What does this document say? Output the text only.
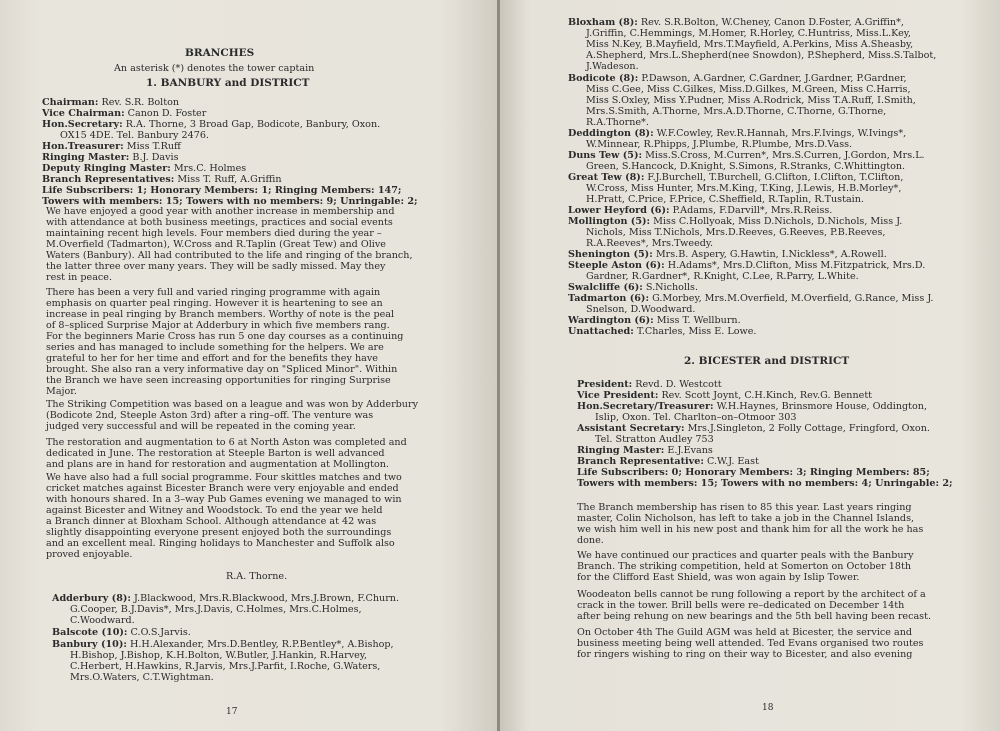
BRANCHES
An asterisk (*) denotes the tower captain
1. BANBURY and DISTRICT
Chairman: Rev. S.R. Bolton
Vice Chairman: Canon D. Foster
Hon.Secretary: R.A. Thorne, 3 Broad Gap, Bodicote, Banbury, Oxon.
OX15 4DE. Tel. Banbury 2476.
Hon.Treasurer: Miss T.Ruff
Ringing Master: B.J. Davis
Deputy Ringing Master: Mrs.C. Holmes
Branch Representatives: Miss T. Ruff, A.Griffin
Life Subscribers: 1; Honorary Members: 1; Ringing Members: 147;
Towers with members: 15; Towers with no members: 9; Unringable: 2;
We have enjoyed a good year with another increase in membership and
with attendance at both business meetings, practices and social events
maintaining recent high levels. Four members died during the year –
M.Overfield (Tadmarton), W.Cross and R.Taplin (Great Tew) and Olive
Waters (Banbury). All had contributed to the life and ringing of the branch,
the latter three over many years. They will be sadly missed. May they
rest in peace.
There has been a very full and varied ringing programme with again
emphasis on quarter peal ringing. However it is heartening to see an
increase in peal ringing by Branch members. Worthy of note is the peal
of 8–spliced Surprise Major at Adderbury in which five members rang.
For the beginners Marie Cross has run 5 one day courses as a continuing
series and has managed to include something for the helpers. We are
grateful to her for her time and effort and for the benefits they have
brought. She also ran a very informative day on "Spliced Minor". Within
the Branch we have seen increasing opportunities for ringing Surprise
Major.
The Striking Competition was based on a league and was won by Adderbury
(Bodicote 2nd, Steeple Aston 3rd) after a ring–off. The venture was
judged very successful and will be repeated in the coming year.
The restoration and augmentation to 6 at North Aston was completed and
dedicated in June. The restoration at Steeple Barton is well advanced
and plans are in hand for restoration and augmentation at Mollington.
We have also had a full social programme. Four skittles matches and two
cricket matches against Bicester Branch were very enjoyable and ended
with honours shared. In a 3–way Pub Games evening we managed to win
against Bicester and Witney and Woodstock. To end the year we held
a Branch dinner at Bloxham School. Although attendance at 42 was
slightly disappointing everyone present enjoyed both the surroundings
and an excellent meal. Ringing holidays to Manchester and Suffolk also
proved enjoyable.
R.A. Thorne.
Adderbury (8): J.Blackwood, Mrs.R.Blackwood, Mrs.J.Brown, F.Churn.
G.Cooper, B.J.Davis*, Mrs.J.Davis, C.Holmes, Mrs.C.Holmes,
C.Woodward.
Balscote (10): C.O.S.Jarvis.
Banbury (10): H.H.Alexander, Mrs.D.Bentley, R.P.Bentley*, A.Bishop,
H.Bishop, J.Bishop, K.H.Bolton, W.Butler, J.Hankin, R.Harvey,
C.Herbert, H.Hawkins, R.Jarvis, Mrs.J.Parfit, I.Roche, G.Waters,
Mrs.O.Waters, C.T.Wightman.
17
Bloxham (8): Rev. S.R.Bolton, W.Cheney, Canon D.Foster, A.Griffin*,
J.Griffin, C.Hemmings, M.Homer, R.Horley, C.Huntriss, Miss.L.Key,
Miss N.Key, B.Mayfield, Mrs.T.Mayfield, A.Perkins, Miss A.Sheasby,
A.Shepherd, Mrs.L.Shepherd(nee Snowdon), P.Shepherd, Miss.S.Talbot,
J.Wadeson.
Bodicote (8): P.Dawson, A.Gardner, C.Gardner, J.Gardner, P.Gardner,
Miss C.Gee, Miss C.Gilkes, Miss.D.Gilkes, M.Green, Miss C.Harris,
Miss S.Oxley, Miss Y.Pudner, Miss A.Rodrick, Miss T.A.Ruff, I.Smith,
Mrs.S.Smith, A.Thorne, Mrs.A.D.Thorne, C.Thorne, G.Thorne,
R.A.Thorne*.
Deddington (8): W.F.Cowley, Rev.R.Hannah, Mrs.F.Ivings, W.Ivings*,
W.Minnear, R.Phipps, J.Plumbe, R.Plumbe, Mrs.D.Vass.
Duns Tew (5): Miss.S.Cross, M.Curren*, Mrs.S.Curren, J.Gordon, Mrs.L.
Green, S.Hancock, D.Knight, S.Simons, R.Stranks, C.Whittington.
Great Tew (8): F.J.Burchell, T.Burchell, G.Clifton, I.Clifton, T.Clifton,
W.Cross, Miss Hunter, Mrs.M.King, T.King, J.Lewis, H.B.Morley*,
H.Pratt, C.Price, F.Price, C.Sheffield, R.Taplin, R.Tustain.
Lower Heyford (6): P.Adams, F.Darvill*, Mrs.R.Reiss.
Mollington (5): Miss C.Hollyoak, Miss D.Nichols, D.Nichols, Miss J.
Nichols, Miss T.Nichols, Mrs.D.Reeves, G.Reeves, P.B.Reeves,
R.A.Reeves*, Mrs.Tweedy.
Shenington (5): Mrs.B. Aspery, G.Hawtin, I.Nickless*, A.Rowell.
Steeple Aston (6): H.Adams*, Mrs.D.Clifton, Miss M.Fitzpatrick, Mrs.D.
Gardner, R.Gardner*, R.Knight, C.Lee, R.Parry, L.White.
Swalcliffe (6): S.Nicholls.
Tadmarton (6): G.Morbey, Mrs.M.Overfield, M.Overfield, G.Rance, Miss J.
Snelson, D.Woodward.
Wardington (6): Miss T. Wellburn.
Unattached: T.Charles, Miss E. Lowe.
2. BICESTER and DISTRICT
President: Revd. D. Westcott
Vice President: Rev. Scott Joynt, C.H.Kinch, Rev.G. Bennett
Hon.Secretary/Treasurer: W.H.Haynes, Brinsmore House, Oddington,
Islip, Oxon. Tel. Charlton–on–Otmoor 303
Assistant Secretary: Mrs.J.Singleton, 2 Folly Cottage, Fringford, Oxon.
Tel. Stratton Audley 753
Ringing Master: E.J.Evans
Branch Representative: C.W.J. East
Life Subscribers: 0; Honorary Members: 3; Ringing Members: 85;
Towers with members: 15; Towers with no members: 4; Unringable: 2;
The Branch membership has risen to 85 this year. Last years ringing
master, Colin Nicholson, has left to take a job in the Channel Islands,
we wish him well in his new post and thank him for all the work he has
done.
We have continued our practices and quarter peals with the Banbury
Branch. The striking competition, held at Somerton on October 18th
for the Clifford East Shield, was won again by Islip Tower.
Woodeaton bells cannot be rung following a report by the architect of a
crack in the tower. Brill bells were re–dedicated on December 14th
after being rehung on new bearings and the 5th bell having been recast.
On October 4th The Guild AGM was held at Bicester, the service and
business meeting being well attended. Ted Evans organised two routes
for ringers wishing to ring on their way to Bicester, and also evening
18
